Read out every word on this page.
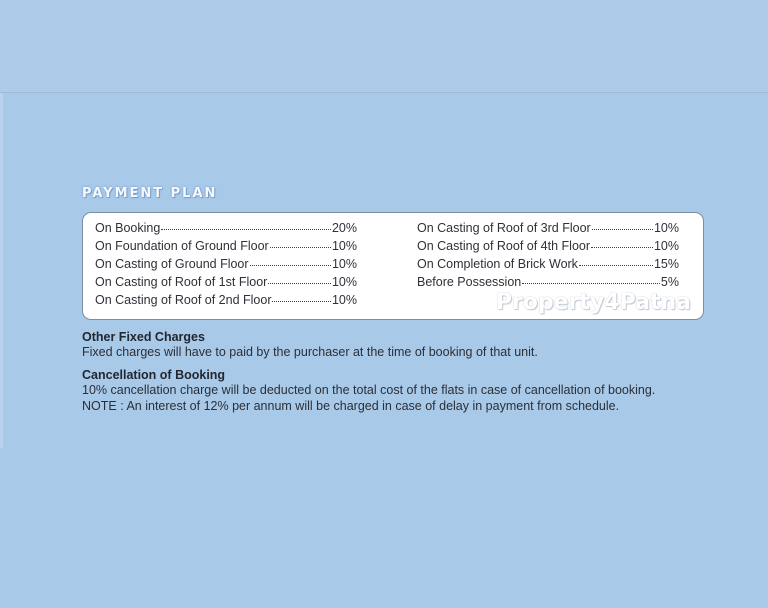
PAYMENT PLAN
On Booking	20%
On Foundation of Ground Floor	10%
On Casting of Ground Floor	10%
On Casting of Roof of 1st Floor	10%
On Casting of Roof of 2nd Floor	10%
On Casting of Roof of 3rd Floor	10%
On Casting of Roof of 4th Floor	10%
On Completion of Brick Work	15%
Before Possession	5%
Property4Patna
Other Fixed Charges

Fixed charges will have to paid by the purchaser at the time of booking of that unit.

Cancellation of Booking

10% cancellation charge will be deducted on the total cost of the flats in case of cancellation of booking.

NOTE : An interest of 12% per annum will be charged in case of delay in payment from schedule.
